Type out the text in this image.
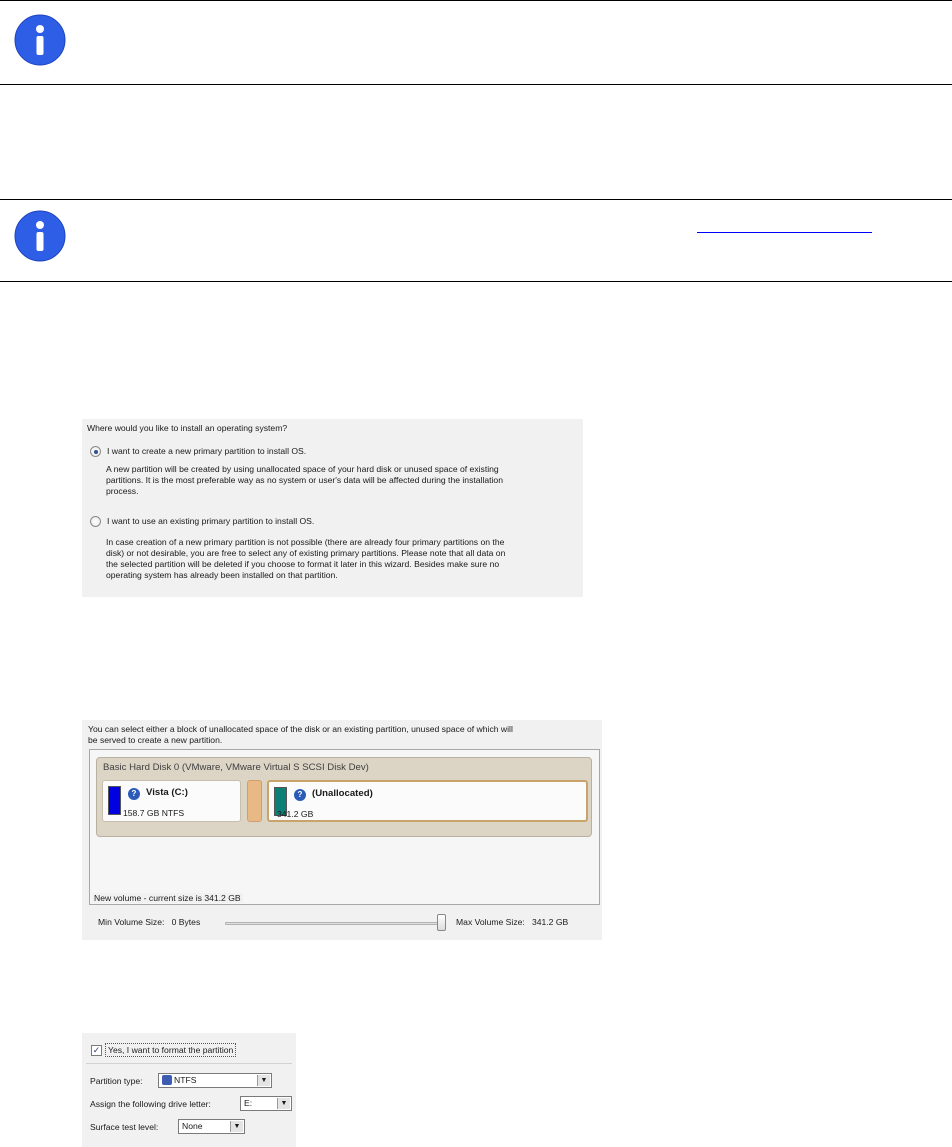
Where would you like to install an operating system?
I want to create a new primary partition to install OS.
A new partition will be created by using unallocated space of your hard disk or unused space of existing
partitions. It is the most preferable way as no system or user's data will be affected during the installation
process.
I want to use an existing primary partition to install OS.
In case creation of a new primary partition is not possible (there are already four primary partitions on the
disk) or not desirable, you are free to select any of existing primary partitions. Please note that all data on
the selected partition will be deleted if you choose to format it later in this wizard. Besides make sure no
operating system has already been installed on that partition.
You can select either a block of unallocated space of the disk or an existing partition, unused space of which will
be served to create a new partition.
Basic Hard Disk 0 (VMware, VMware Virtual S SCSI Disk Dev)
? Vista (C:)
158.7 GB NTFS
? (Unallocated)
341.2 GB
New volume - current size is 341.2 GB
Min Volume Size: 0 Bytes	Max Volume Size: 341.2 GB
✓ Yes, I want to format the partition
Partition type:	NTFS	▼
Assign the following drive letter:	E:	▼
Surface test level:	None	▼
